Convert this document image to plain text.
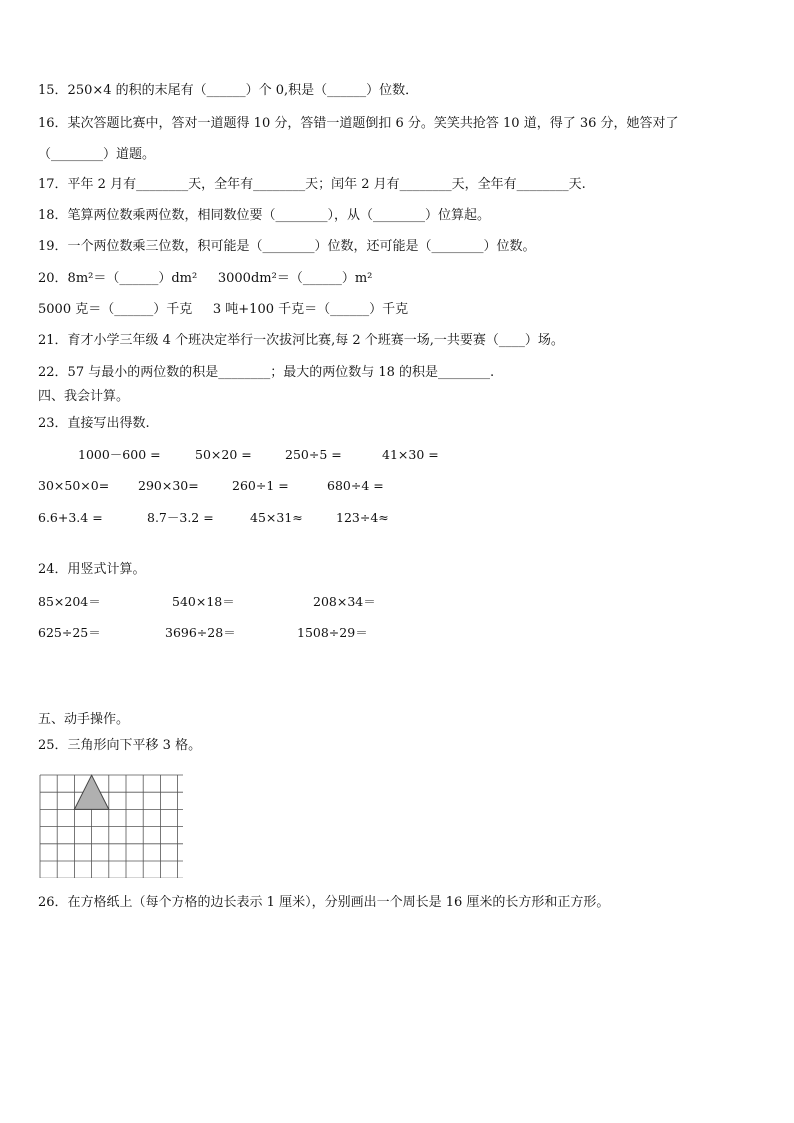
15．250×4 的积的末尾有（______）个 0,积是（______）位数．
16．某次答题比赛中，答对一道题得 10 分，答错一道题倒扣 6 分。笑笑共抢答 10 道，得了 36 分，她答对了
（________）道题。
17．平年 2 月有________天，全年有________天；闰年 2 月有________天，全年有________天.
18．笔算两位数乘两位数，相同数位要（________），从（________）位算起。
19．一个两位数乘三位数，积可能是（________）位数，还可能是（________）位数。
20．8m²＝（______）dm²     3000dm²＝（______）m²
5000 克＝（______）千克     3 吨+100 千克＝（______）千克
21．育才小学三年级 4 个班决定举行一次拔河比赛,每 2 个班赛一场,一共要赛（____）场。
22．57 与最小的两位数的积是________；最大的两位数与 18 的积是________.
四、我会计算。
23．直接写出得数.
1000－600 =	50×20 =	250÷5 =	41×30 =
30×50×0= 290×30=	260÷1 =	680÷4 =
6.6+3.4 =	8.7－3.2 =	45×31≈	123÷4≈
24．用竖式计算。
85×204＝	540×18＝	208×34＝
625÷25＝	3696÷28＝	1508÷29＝
五、动手操作。
25．三角形向下平移 3 格。
26．在方格纸上（每个方格的边长表示 1 厘米），分别画出一个周长是 16 厘米的长方形和正方形。
